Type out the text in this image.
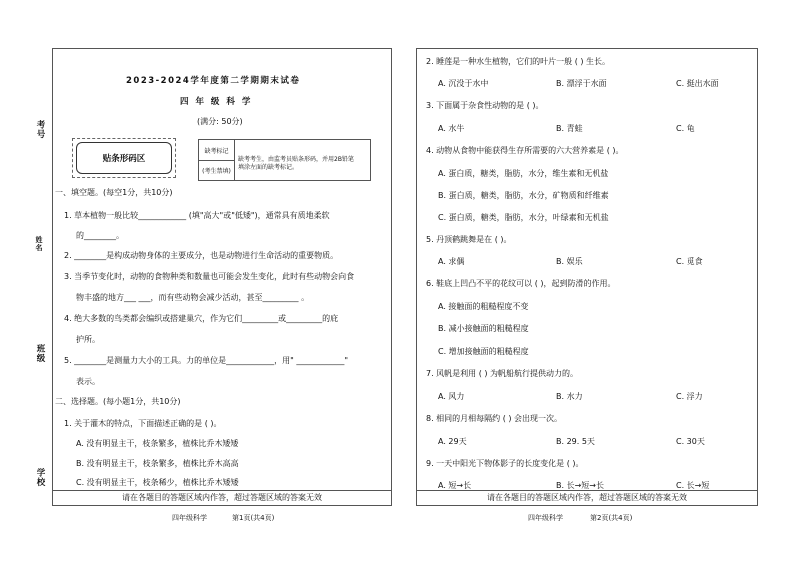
考号
姓名
班级
学校
请在各题目的答题区域内作答，超过答题区域的答案无效
2023-2024学年度第二学期期末试卷
四 年 级 科 学
(满分: 50分)
贴条形码区
缺考标记
(考生禁填)
缺考考生，由监考员贴条形码，并用2B铅笔
填涂左面的缺考标记。
一、填空题。(每空1分，共10分)
1. 草本植物一般比较____________ (填"高大"或"低矮")，通常具有质地柔软
的________。
2. ________是构成动物身体的主要成分，也是动物进行生命活动的重要物质。
3. 当季节变化时，动物的食物种类和数量也可能会发生变化，此时有些动物会向食
物丰盛的地方___ ___，而有些动物会减少活动，甚至_________ 。
4. 绝大多数的鸟类都会编织或搭建巢穴，作为它们_________或_________的庇
护所。
5. ________是测量力大小的工具。力的单位是____________，用" ____________"
表示。
二、选择题。(每小题1分，共10分)
1. 关于灌木的特点，下面描述正确的是 ( )。
A. 没有明显主干，枝条繁多，植株比乔木矮矮
B. 没有明显主干，枝条繁多，植株比乔木高高
C. 没有明显主干，枝条稀少，植株比乔木矮矮
四年级科学	第1页(共4页)
请在各题目的答题区域内作答，超过答题区域的答案无效
2. 睡莲是一种水生植物，它们的叶片一般 ( ) 生长。
A. 沉没于水中	B. 漂浮于水面	C. 挺出水面
3. 下面属于杂食性动物的是 ( )。
A. 水牛	B. 青蛙	C. 龟
4. 动物从食物中能获得生存所需要的六大营养素是 ( )。
A. 蛋白质，糖类，脂肪，水分，维生素和无机盐
B. 蛋白质，糖类，脂肪，水分，矿物质和纤维素
C. 蛋白质，糖类，脂肪，水分，叶绿素和无机盐
5. 丹顶鹤跳舞是在 ( )。
A. 求偶	B. 娱乐	C. 觅食
6. 鞋底上凹凸不平的花纹可以 ( )，起到防滑的作用。
A. 接触面的粗糙程度不变
B. 减小接触面的粗糙程度
C. 增加接触面的粗糙程度
7. 风帆是利用 ( ) 为帆船航行提供动力的。
A. 风力	B. 水力	C. 浮力
8. 相同的月相每隔约 ( ) 会出现一次。
A. 29天	B. 29. 5天	C. 30天
9. 一天中阳光下物体影子的长度变化是 ( )。
A. 短→长	B. 长→短→长	C. 长→短
四年级科学	第2页(共4页)
